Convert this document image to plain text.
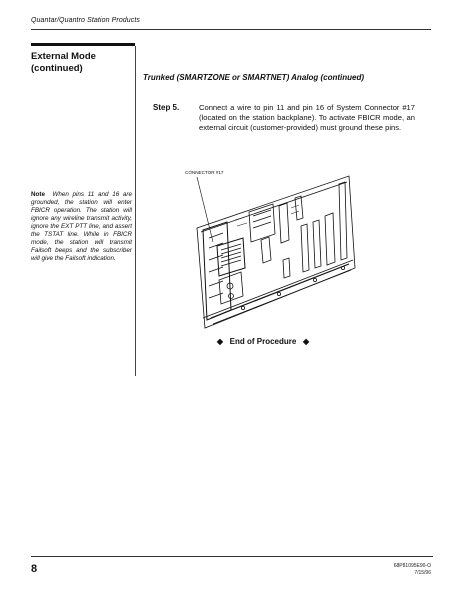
Quantar/Quantro Station Products
External Mode (continued)
Trunked (SMARTZONE or SMARTNET) Analog (continued)
Step 5.	Connect a wire to pin 11 and pin 16 of System Connector #17 (located on the station backplane). To activate FBICR mode, an external circuit (customer-provided) must ground these pins.
Note When pins 11 and 16 are grounded, the station will enter FBICR operation. The station will ignore any wireline transmit activity, ignore the EXT PTT line, and assert the TSTAT line. While in FBICR mode, the station will transmit Failsoft beeps and the subscriber will give the Failsoft indication.
CONNECTOR #17
◆ End of Procedure ◆
8	68P81095E90-O
7/15/96
